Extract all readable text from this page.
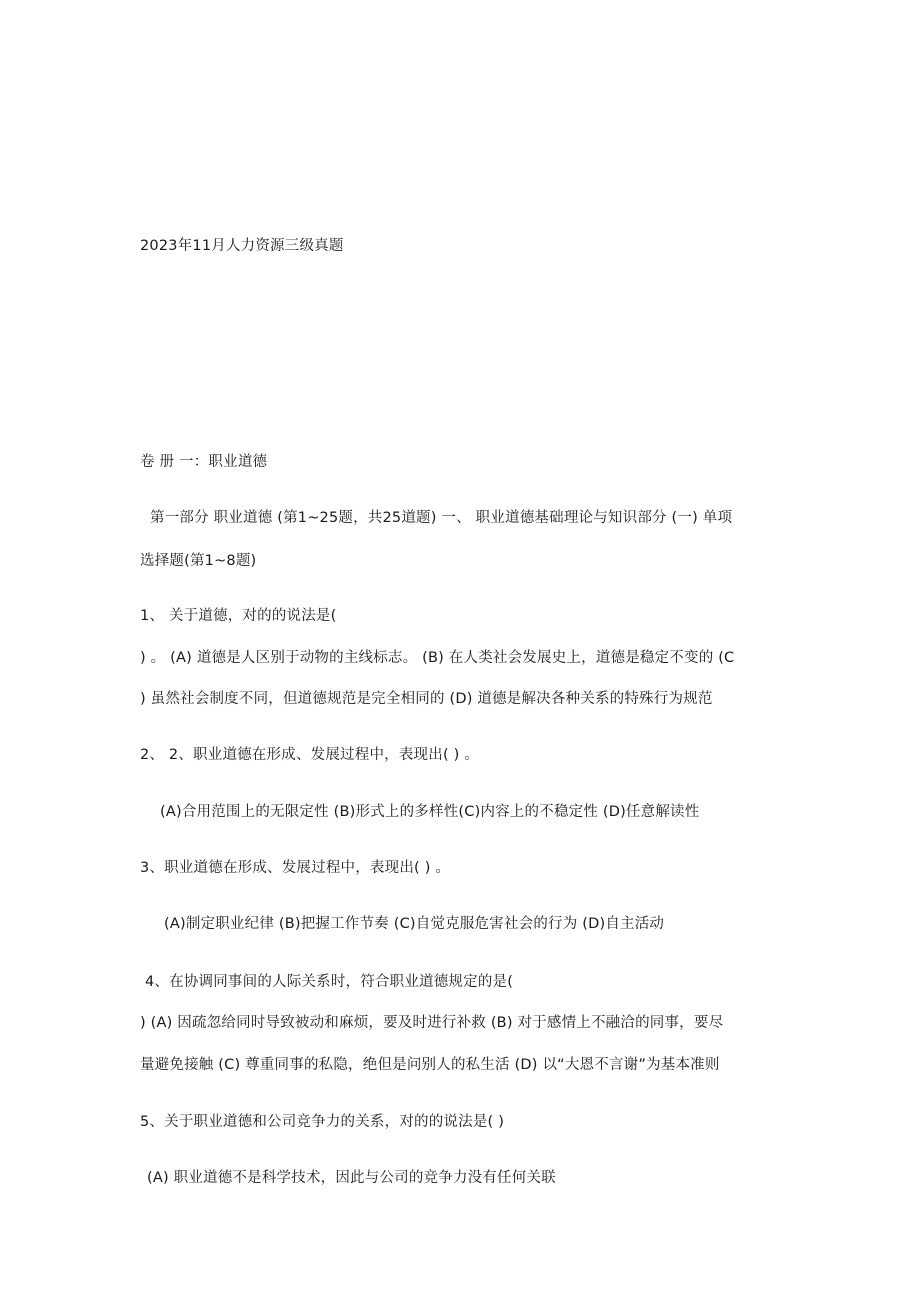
2023年11月人力资源三级真题
卷 册 一：职业道德
第一部分 职业道德 (第1~25题，共25道题) 一、 职业道德基础理论与知识部分 (一) 单项
选择题(第1~8题)
1、 关于道德，对的的说法是(
) 。 (A) 道德是人区别于动物的主线标志。 (B) 在人类社会发展史上，道德是稳定不变的 (C
) 虽然社会制度不同，但道德规范是完全相同的 (D) 道德是解决各种关系的特殊行为规范
2、 2、职业道德在形成、发展过程中，表现出( ) 。
(A)合用范围上的无限定性 (B)形式上的多样性(C)内容上的不稳定性 (D)任意解读性
3、职业道德在形成、发展过程中，表现出( ) 。
(A)制定职业纪律 (B)把握工作节奏 (C)自觉克服危害社会的行为 (D)自主活动
4、在协调同事间的人际关系时，符合职业道德规定的是(
) (A) 因疏忽给同时导致被动和麻烦，要及时进行补救 (B) 对于感情上不融洽的同事，要尽
量避免接触 (C) 尊重同事的私隐，绝但是问别人的私生活 (D) 以“大恩不言谢”为基本准则
5、关于职业道德和公司竞争力的关系，对的的说法是( )
(A) 职业道德不是科学技术，因此与公司的竞争力没有任何关联
